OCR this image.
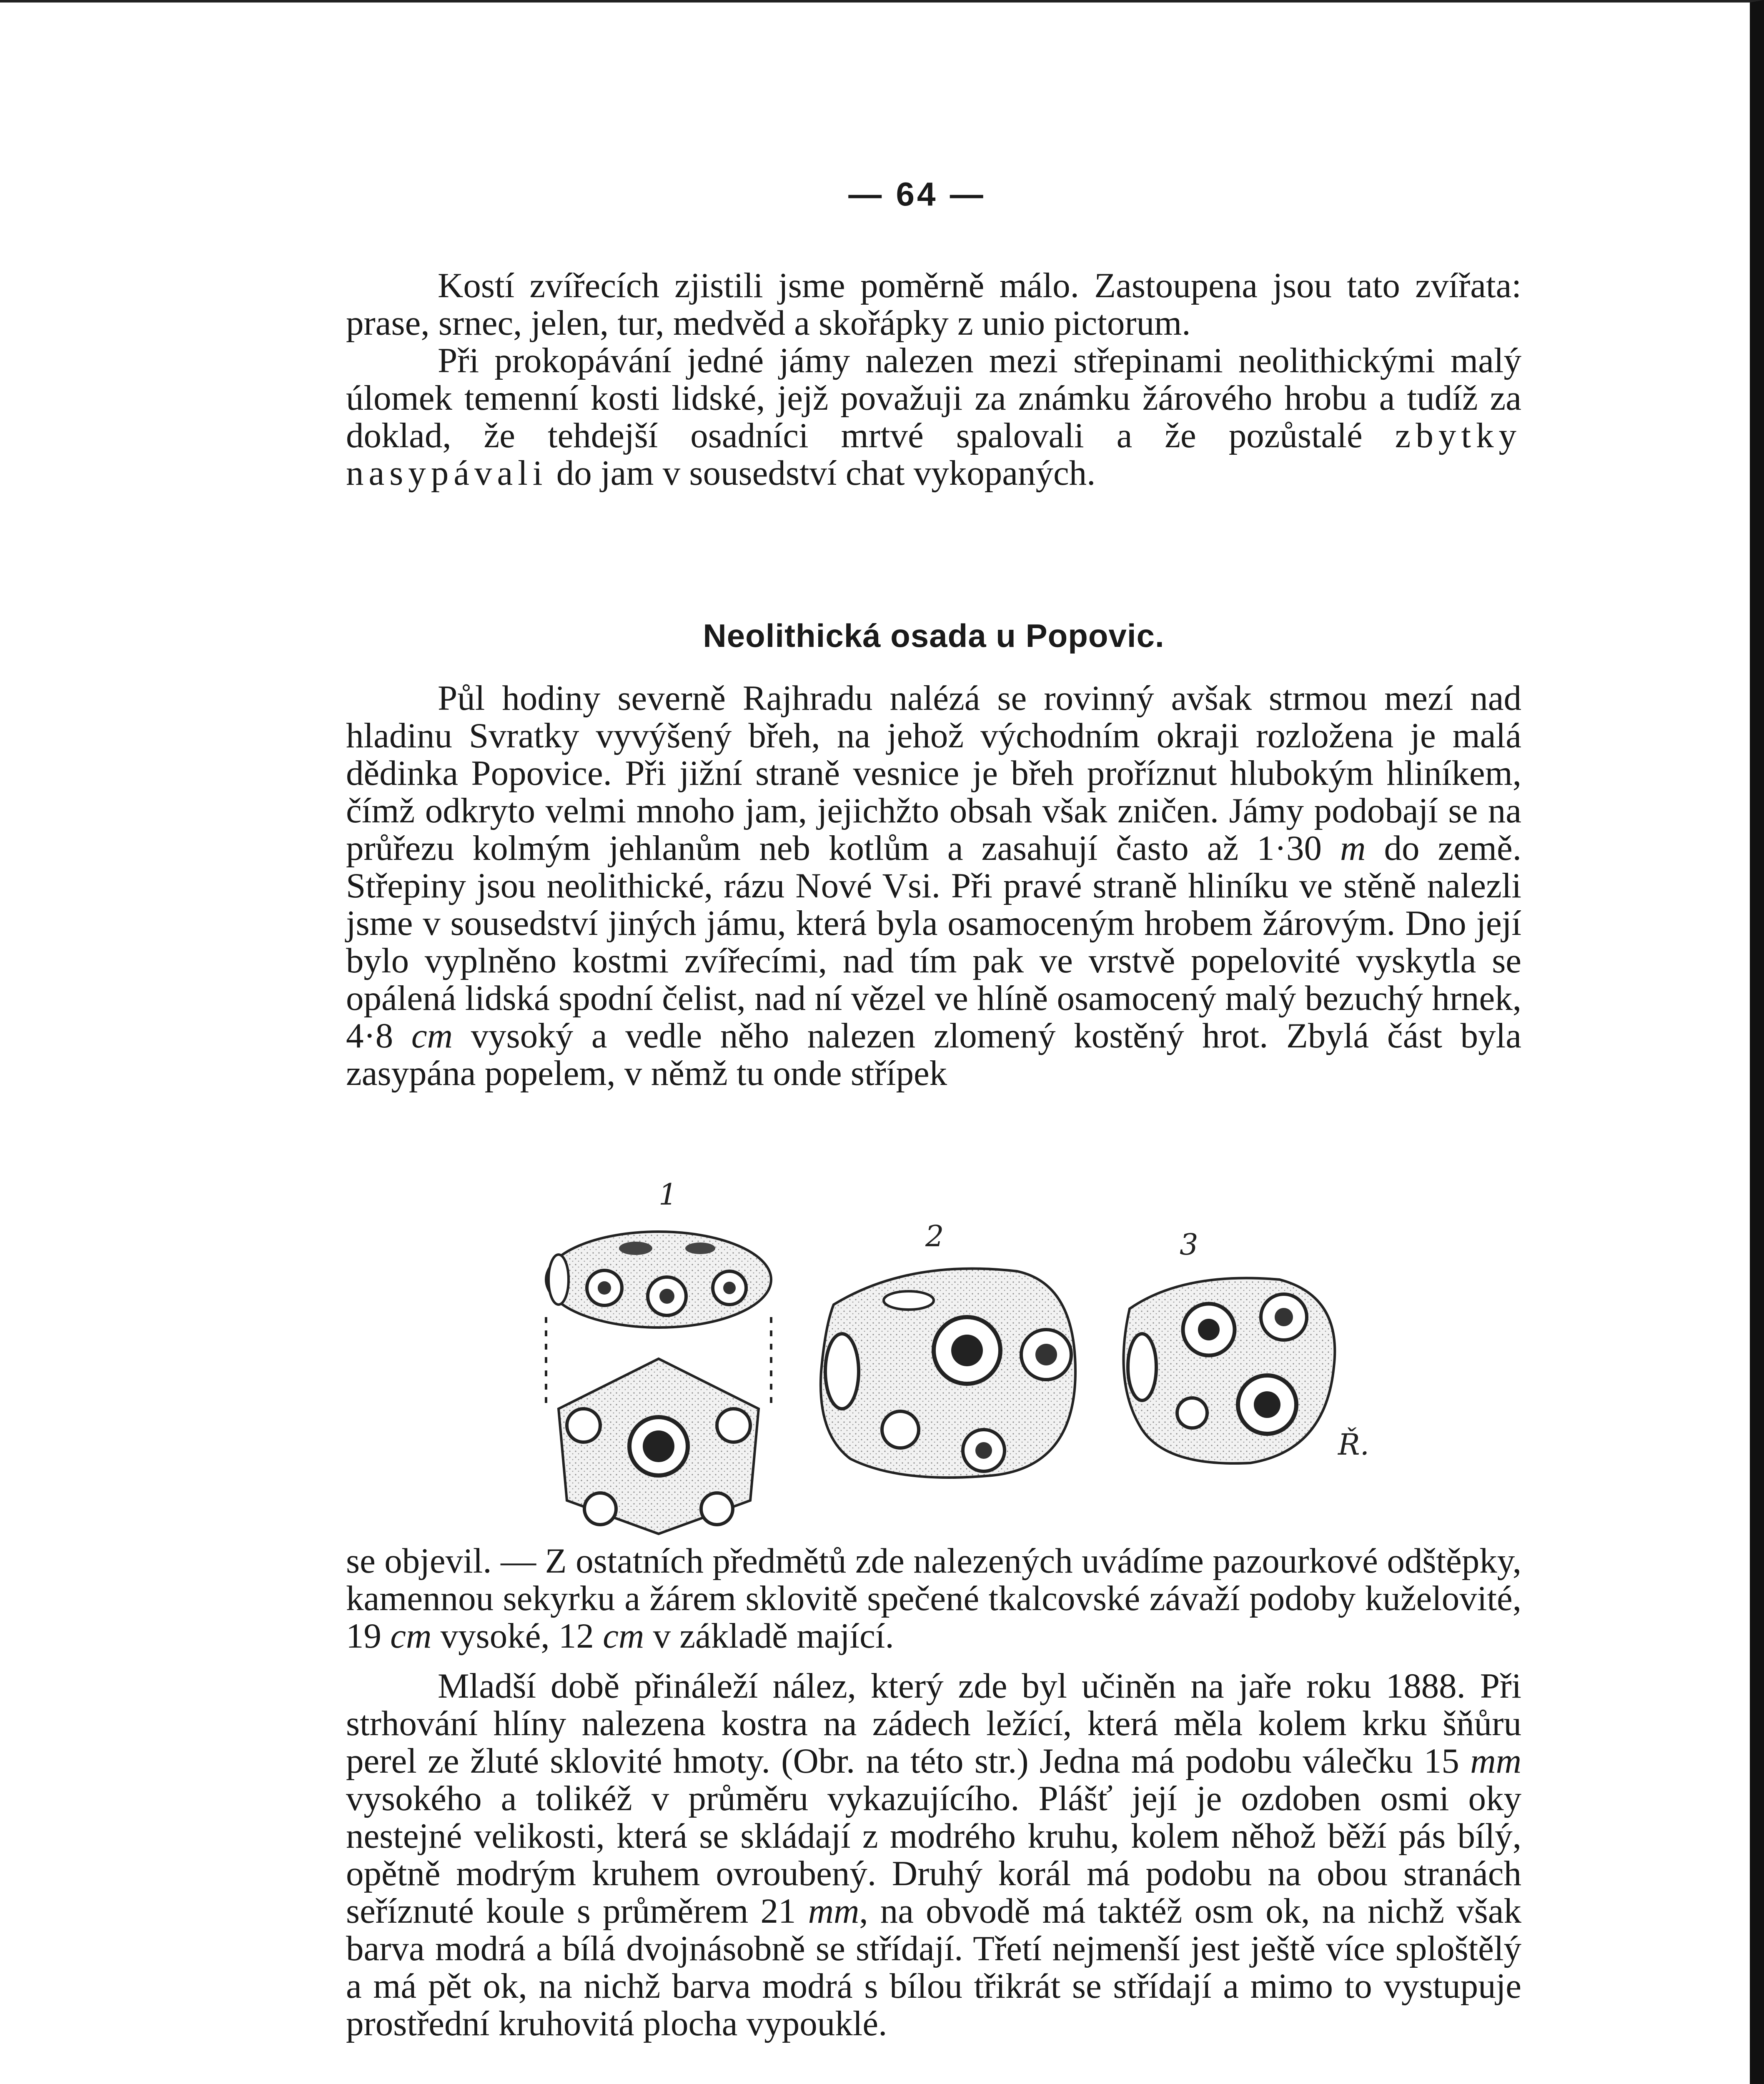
— 64 —

Kostí zvířecích zjistili jsme poměrně málo. Zastoupena jsou tato zvířata: prase, srnec, jelen, tur, medvěd a skořápky z unio pictorum.

Při prokopávání jedné jámy nalezen mezi střepinami neolithickými malý úlomek temenní kosti lidské, jejž považuji za známku žárového hrobu a tudíž za doklad, že tehdejší osadníci mrtvé spalovali a že pozůstalé zbytky nasypávali do jam v sousedství chat vykopaných.

Neolithická osada u Popovic.

Půl hodiny severně Rajhradu nalézá se rovinný avšak strmou mezí nad hladinu Svratky vyvýšený břeh, na jehož východním okraji rozložena je malá dědinka Popovice. Při jižní straně vesnice je břeh proříznut hlubokým hliníkem, čímž odkryto velmi mnoho jam, jejichžto obsah však zničen. Jámy podobají se na průřezu kolmým jehlanům neb kotlům a zasahují často až 1·30 m do země. Střepiny jsou neolithické, rázu Nové Vsi. Při pravé straně hliníku ve stěně nalezli jsme v sousedství jiných jámu, která byla osamoceným hrobem žárovým. Dno její bylo vyplněno kostmi zvířecími, nad tím pak ve vrstvě popelovité vyskytla se opálená lidská spodní čelist, nad ní vězel ve hlíně osamocený malý bezuchý hrnek, 4·8 cm vysoký a vedle něho nalezen zlomený kostěný hrot. Zbylá část byla zasypána popelem, v němž tu onde střípek

1
2	3
Ř.

se objevil. — Z ostatních předmětů zde nalezených uvádíme pazourkové odštěpky, kamennou sekyrku a žárem sklovitě spečené tkalcovské závaží podoby kuželovité, 19 cm vysoké, 12 cm v základě mající.

Mladší době přináleží nález, který zde byl učiněn na jaře roku 1888. Při strhování hlíny nalezena kostra na zádech ležící, která měla kolem krku šňůru perel ze žluté sklovité hmoty. (Obr. na této str.) Jedna má podobu válečku 15 mm vysokého a tolikéž v průměru vykazujícího. Plášť její je ozdoben osmi oky nestejné velikosti, která se skládají z modrého kruhu, kolem něhož běží pás bílý, opětně modrým kruhem ovroubený. Druhý korál má podobu na obou stranách seříznuté koule s průměrem 21 mm, na obvodě má taktéž osm ok, na nichž však barva modrá a bílá dvojnásobně se střídají. Třetí nejmenší jest ještě více sploštělý a má pět ok, na nichž barva modrá s bílou třikrát se střídají a mimo to vystupuje prostřední kruhovitá plocha vypouklé.
